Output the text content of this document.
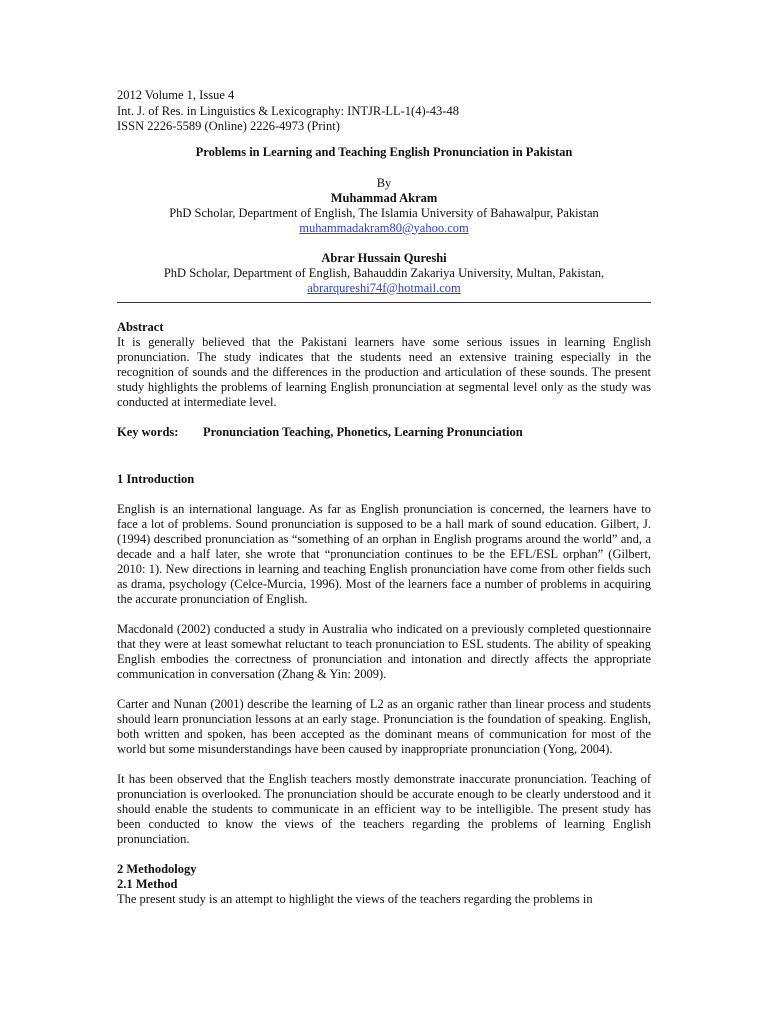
2012 Volume 1, Issue 4
Int. J. of Res. in Linguistics & Lexicography: INTJR-LL-1(4)-43-48
ISSN 2226-5589 (Online) 2226-4973 (Print)
Problems in Learning and Teaching English Pronunciation in Pakistan
By
Muhammad Akram
PhD Scholar, Department of English, The Islamia University of Bahawalpur, Pakistan
muhammadakram80@yahoo.com
Abrar Hussain Qureshi
PhD Scholar, Department of English, Bahauddin Zakariya University, Multan, Pakistan,
abrarqureshi74f@hotmail.com
Abstract
It is generally believed that the Pakistani learners have some serious issues in learning English pronunciation. The study indicates that the students need an extensive training especially in the recognition of sounds and the differences in the production and articulation of these sounds. The present study highlights the problems of learning English pronunciation at segmental level only as the study was conducted at intermediate level.
Key words: Pronunciation Teaching, Phonetics, Learning Pronunciation
1 Introduction
English is an international language. As far as English pronunciation is concerned, the learners have to face a lot of problems. Sound pronunciation is supposed to be a hall mark of sound education. Gilbert, J. (1994) described pronunciation as “something of an orphan in English programs around the world” and, a decade and a half later, she wrote that “pronunciation continues to be the EFL/ESL orphan” (Gilbert, 2010: 1). New directions in learning and teaching English pronunciation have come from other fields such as drama, psychology (Celce-Murcia, 1996). Most of the learners face a number of problems in acquiring the accurate pronunciation of English.
Macdonald (2002) conducted a study in Australia who indicated on a previously completed questionnaire that they were at least somewhat reluctant to teach pronunciation to ESL students. The ability of speaking English embodies the correctness of pronunciation and intonation and directly affects the appropriate communication in conversation (Zhang & Yin: 2009).
Carter and Nunan (2001) describe the learning of L2 as an organic rather than linear process and students should learn pronunciation lessons at an early stage. Pronunciation is the foundation of speaking. English, both written and spoken, has been accepted as the dominant means of communication for most of the world but some misunderstandings have been caused by inappropriate pronunciation (Yong, 2004).
It has been observed that the English teachers mostly demonstrate inaccurate pronunciation. Teaching of pronunciation is overlooked. The pronunciation should be accurate enough to be clearly understood and it should enable the students to communicate in an efficient way to be intelligible. The present study has been conducted to know the views of the teachers regarding the problems of learning English pronunciation.
2 Methodology
2.1 Method
The present study is an attempt to highlight the views of the teachers regarding the problems in
